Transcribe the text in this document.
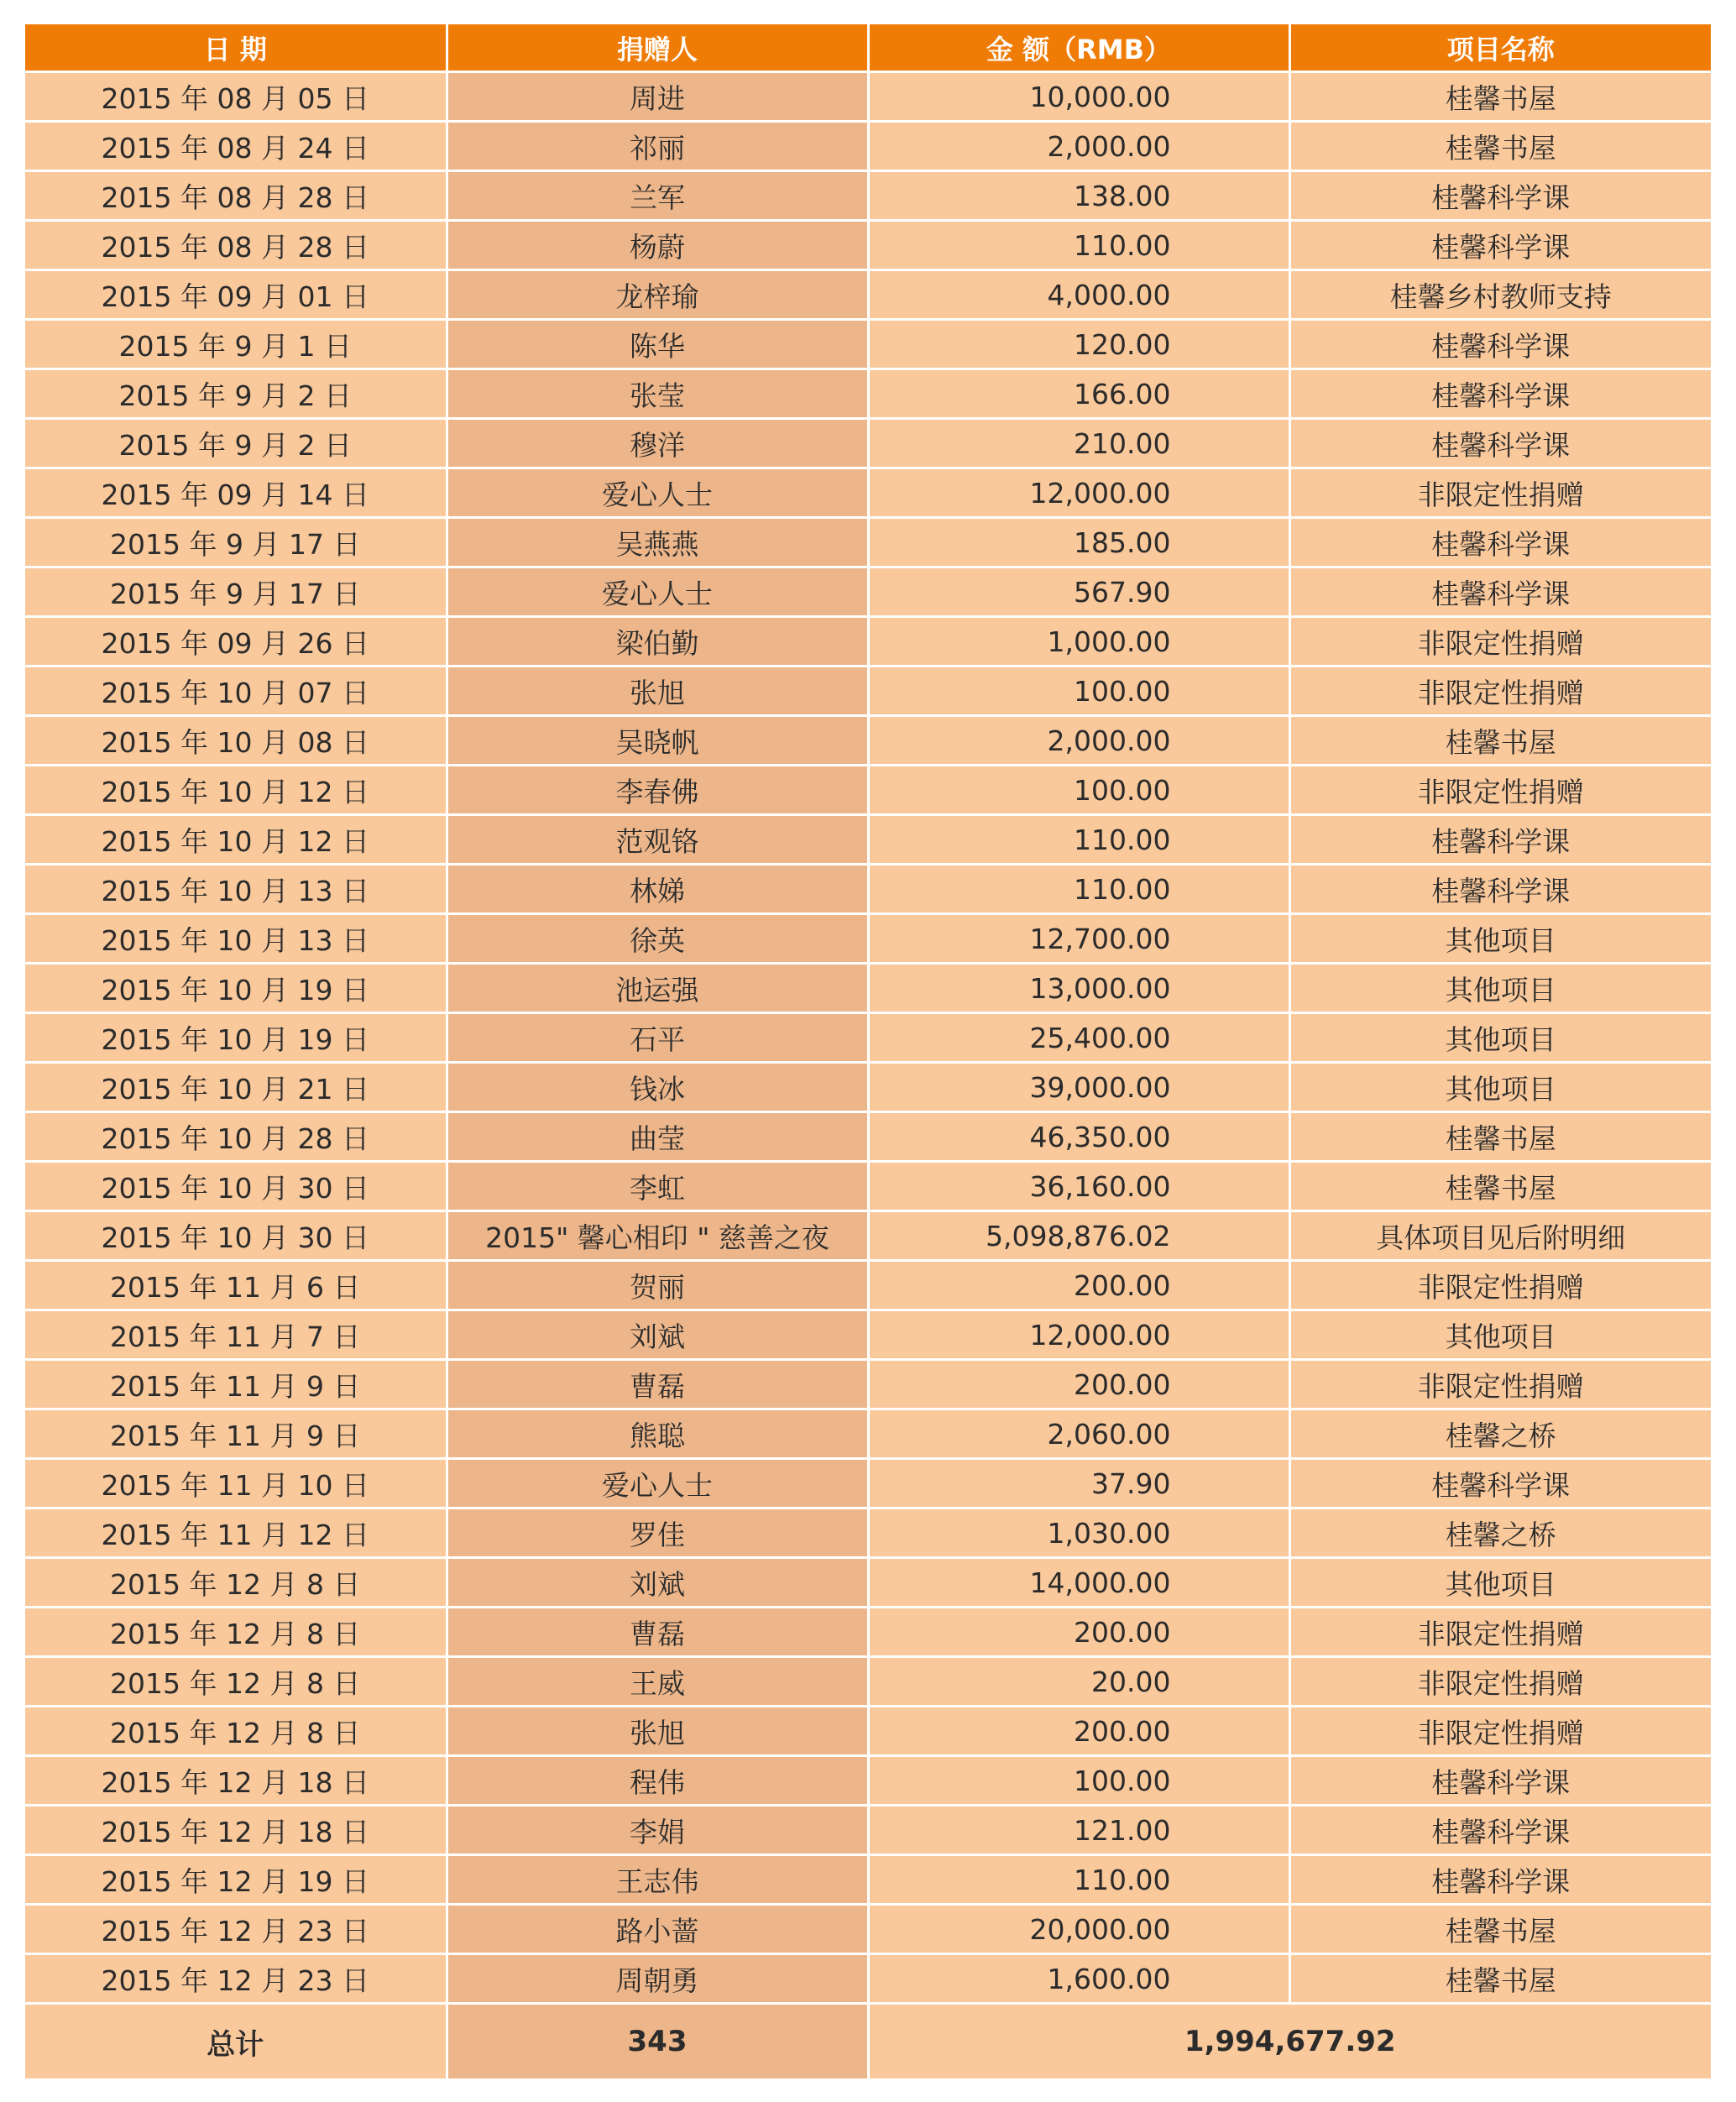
日 期	捐赠人	金 额（RMB）	项目名称
2015 年 08 月 05 日	周进	10,000.00	桂馨书屋
2015 年 08 月 24 日	祁丽	2,000.00	桂馨书屋
2015 年 08 月 28 日	兰军	138.00	桂馨科学课
2015 年 08 月 28 日	杨蔚	110.00	桂馨科学课
2015 年 09 月 01 日	龙梓瑜	4,000.00	桂馨乡村教师支持
2015 年 9 月 1 日	陈华	120.00	桂馨科学课
2015 年 9 月 2 日	张莹	166.00	桂馨科学课
2015 年 9 月 2 日	穆洋	210.00	桂馨科学课
2015 年 09 月 14 日	爱心人士	12,000.00	非限定性捐赠
2015 年 9 月 17 日	吴燕燕	185.00	桂馨科学课
2015 年 9 月 17 日	爱心人士	567.90	桂馨科学课
2015 年 09 月 26 日	梁伯勤	1,000.00	非限定性捐赠
2015 年 10 月 07 日	张旭	100.00	非限定性捐赠
2015 年 10 月 08 日	吴晓帆	2,000.00	桂馨书屋
2015 年 10 月 12 日	李春佛	100.00	非限定性捐赠
2015 年 10 月 12 日	范观铬	110.00	桂馨科学课
2015 年 10 月 13 日	林娣	110.00	桂馨科学课
2015 年 10 月 13 日	徐英	12,700.00	其他项目
2015 年 10 月 19 日	池运强	13,000.00	其他项目
2015 年 10 月 19 日	石平	25,400.00	其他项目
2015 年 10 月 21 日	钱冰	39,000.00	其他项目
2015 年 10 月 28 日	曲莹	46,350.00	桂馨书屋
2015 年 10 月 30 日	李虹	36,160.00	桂馨书屋
2015 年 10 月 30 日	2015" 馨心相印 " 慈善之夜	5,098,876.02	具体项目见后附明细
2015 年 11 月 6 日	贺丽	200.00	非限定性捐赠
2015 年 11 月 7 日	刘斌	12,000.00	其他项目
2015 年 11 月 9 日	曹磊	200.00	非限定性捐赠
2015 年 11 月 9 日	熊聪	2,060.00	桂馨之桥
2015 年 11 月 10 日	爱心人士	37.90	桂馨科学课
2015 年 11 月 12 日	罗佳	1,030.00	桂馨之桥
2015 年 12 月 8 日	刘斌	14,000.00	其他项目
2015 年 12 月 8 日	曹磊	200.00	非限定性捐赠
2015 年 12 月 8 日	王威	20.00	非限定性捐赠
2015 年 12 月 8 日	张旭	200.00	非限定性捐赠
2015 年 12 月 18 日	程伟	100.00	桂馨科学课
2015 年 12 月 18 日	李娟	121.00	桂馨科学课
2015 年 12 月 19 日	王志伟	110.00	桂馨科学课
2015 年 12 月 23 日	路小蔷	20,000.00	桂馨书屋
2015 年 12 月 23 日	周朝勇	1,600.00	桂馨书屋
总计	343	1,994,677.92	
